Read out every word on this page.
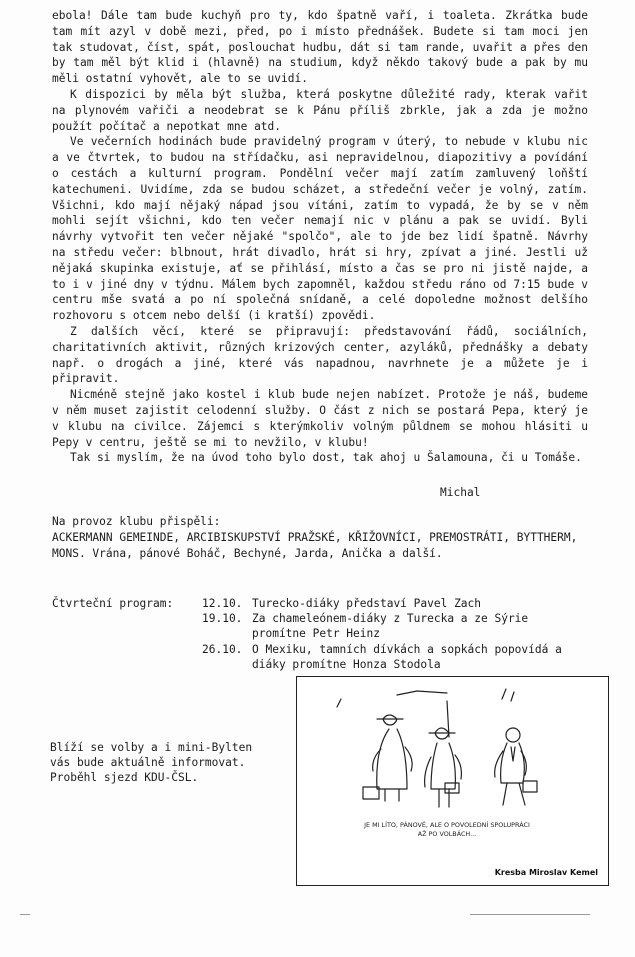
ebola! Dále tam bude kuchyň pro ty, kdo špatně vaří, i toaleta. Zkrátka bude tam mít azyl v době mezi, před, po i místo přednášek. Budete si tam moci jen tak studovat, číst, spát, poslouchat hudbu, dát si tam rande, uvařit a přes den by tam měl být klid i (hlavně) na studium, když někdo takový bude a pak by mu měli ostatní vyhovět, ale to se uvidí.

K dispozici by měla být služba, která poskytne důležité rady, kterak vařit na plynovém vařiči a neodebrat se k Pánu příliš zbrkle, jak a zda je možno použít počítač a nepotkat mne atd.

Ve večerních hodinách bude pravidelný program v úterý, to nebude v klubu nic a ve čtvrtek, to budou na střídačku, asi nepravidelnou, diapozitivy a povídání o cestách a kulturní program. Pondělní večer mají zatím zamluvený loňští katechumeni. Uvidíme, zda se budou scházet, a středeční večer je volný, zatím. Všichni, kdo mají nějaký nápad jsou vítáni, zatím to vypadá, že by se v něm mohli sejít všichni, kdo ten večer nemají nic v plánu a pak se uvidí. Byli návrhy vytvořit ten večer nějaké "spolčo", ale to jde bez lidí špatně. Návrhy na středu večer: blbnout, hrát divadlo, hrát si hry, zpívat a jiné. Jestli už nějaká skupinka existuje, ať se přihlásí, místo a čas se pro ni jistě najde, a to i v jiné dny v týdnu. Málem bych zapomněl, každou středu ráno od 7:15 bude v centru mše svatá a po ní společná snídaně, a celé dopoledne možnost delšího rozhovoru s otcem nebo delší (i kratší) zpovědi.

Z dalších věcí, které se připravují: představování řádů, sociálních, charitativních aktivit, různých krizových center, azyláků, přednášky a debaty např. o drogách a jiné, které vás napadnou, navrhnete je a můžete je i připravit.

Nicméně stejně jako kostel i klub bude nejen nabízet. Protože je náš, budeme v něm muset zajistit celodenní služby. O část z nich se postará Pepa, který je v klubu na civilce. Zájemci s kterýmkoliv volným půldnem se mohou hlásiti u Pepy v centru, ještě se mi to nevžilo, v klubu!

Tak si myslím, že na úvod toho bylo dost, tak ahoj u Šalamouna, či u Tomáše.

Michal

Na provoz klubu přispěli:

ACKERMANN GEMEINDE, ARCIBISKUPSTVÍ PRAŽSKÉ, KŘIŽOVNÍCI, PREMOSTRÁTI, BYTTHERM, MONS. Vrána, pánové Boháč, Bechyné, Jarda, Anička a další.

Čtvrteční program:	12.10. Turecko-diáky představí Pavel Zach
19.10. Za chameleónem-diáky z Turecka a ze Sýrie promítne Petr Heinz
26.10. O Mexiku, tamních dívkách a sopkách popovídá a diáky promítne Honza Stodola
Blíží se volby a i mini-Bylten vás bude aktuálně informovat. Proběhl sjezd KDU-ČSL.
JE MI LÍTO, PÁNOVÉ, ALE O POVOLEDNÍ SPOLUPRÁCI
AŽ PO VOLBÁCH...
Kresba Miroslav Kemel
